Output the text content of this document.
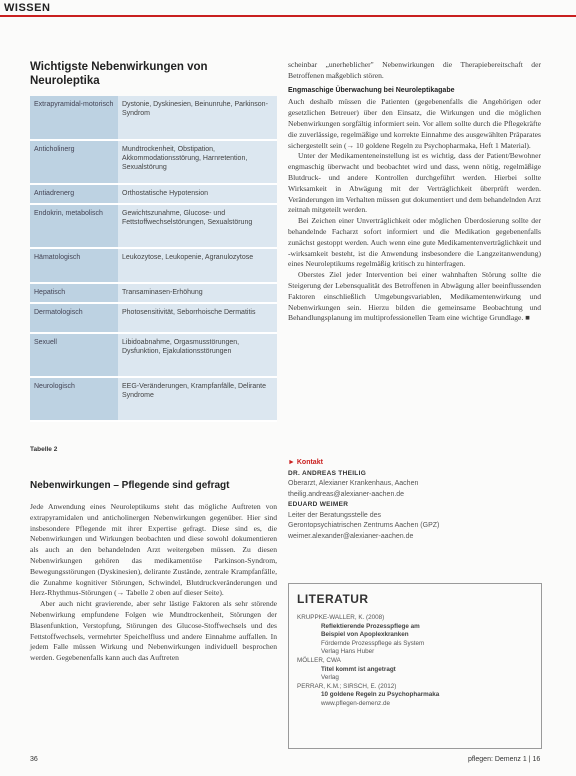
WISSEN
Wichtigste Nebenwirkungen von Neuroleptika
Extrapyramidal-motorisch	Dystonie, Dyskinesien, Beinunruhe, Parkinson-Syndrom
Anticholinerg	Mundtrockenheit, Obstipation, Akkommodationsstörung, Harnretention, Sexualstörung
Antiadrenerg	Orthostatische Hypotension
Endokrin, metabolisch	Gewichtszunahme, Glucose- und Fettstoffwechselstörungen, Sexualstörung
Hämatologisch	Leukozytose, Leukopenie, Agranulozytose
Hepatisch	Transaminasen-Erhöhung
Dermatologisch	Photosensitivität, Seborrhoische Dermatitis
Sexuell	Libidoabnahme, Orgasmusstörungen, Dysfunktion, Ejakulationsstörungen
Neurologisch	EEG-Veränderungen, Krampfanfälle, Delirante Syndrome
Tabelle 2
Nebenwirkungen – Pflegende sind gefragt

Jede Anwendung eines Neuroleptikums steht das mögliche Auftreten von extrapyramidalen und anticholinergen Nebenwirkungen gegenüber. Hier sind insbesondere Pflegende mit ihrer Expertise gefragt. Diese sind es, die Nebenwirkungen und Wirkungen beobachten und diese sowohl dokumentieren als auch an den behandelnden Arzt weitergeben müssen. Zu diesen Nebenwirkungen gehören das medikamentöse Parkinson-Syndrom, Bewegungsstörungen (Dyskinesien), delirante Zustände, zentrale Krampfanfälle, die Zunahme kognitiver Störungen, Schwindel, Blutdruckveränderungen und Herz-Rhythmus-Störungen (→ Tabelle 2 oben auf dieser Seite).

Aber auch nicht gravierende, aber sehr lästige Faktoren als sehr störende Nebenwirkung empfundene Folgen wie Mundtrockenheit, Störungen der Blasenfunktion, Verstopfung, Störungen des Glucose-Stoffwechsels und des Fettstoffwechsels, vermehrter Speichelfluss und andere Einnahme auffallen. In jedem Falle müssen Wirkung und Nebenwirkungen individuell besprochen werden. Gegebenenfalls kann auch das Auftreten

scheinbar „unerheblicher" Nebenwirkungen die Therapiebereitschaft der Betroffenen maßgeblich stören.

Engmaschige Überwachung bei Neuroleptikagabe

Auch deshalb müssen die Patienten (gegebenenfalls die Angehörigen oder gesetzlichen Betreuer) über den Einsatz, die Wirkungen und die möglichen Nebenwirkungen sorgfältig informiert sein. Vor allem sollte durch die Pflegekräfte die zuverlässige, regelmäßige und korrekte Einnahme des ausgewählten Präparates sichergestellt sein (→ 10 goldene Regeln zu Psychopharmaka, Heft 1 Material).

Unter der Medikamenteneinstellung ist es wichtig, dass der Patient/Bewohner engmaschig überwacht und beobachtet wird und dass, wenn nötig, regelmäßige Blutdruck- und andere Kontrollen durchgeführt werden. Hierbei sollte Wirksamkeit in Abwägung mit der Verträglichkeit überprüft werden. Veränderungen im Verhalten müssen gut dokumentiert und dem behandelnden Arzt zeitnah mitgeteilt werden.

Bei Zeichen einer Unverträglichkeit oder möglichen Überdosierung sollte der behandelnde Facharzt sofort informiert und die Medikation gegebenenfalls zunächst gestoppt werden. Auch wenn eine gute Medikamentenverträglichkeit und -wirksamkeit besteht, ist die Anwendung insbesondere die Langzeitanwendung) eines Neuroleptikums regelmäßig kritisch zu hinterfragen.

Oberstes Ziel jeder Intervention bei einer wahnhaften Störung sollte die Steigerung der Lebensqualität des Betroffenen in Abwägung aller beeinflussenden Faktoren einschließlich Umgebungsvariablen, Medikamentenwirkung und Nebenwirkungen sein. Hierzu bilden die gemeinsame Beobachtung und Behandlungsplanung im multiprofessionellen Team eine wichtige Grundlage. ■

► Kontakt
DR. ANDREAS THEILIG
Oberarzt, Alexianer Krankenhaus, Aachen
theilig.andreas@alexianer-aachen.de
EDUARD WEIMER
Leiter der Beratungsstelle des
Gerontopsychiatrischen Zentrums Aachen (GPZ)
weimer.alexander@alexianer-aachen.de
LITERATUR
KRUPPKE-WALLER, K. (2008)
Reflektierende Prozesspflege am
Beispiel von Apoplexkranken
Fördernde Prozesspflege als System
Verlag Hans Huber
MÖLLER, CWA
Titel kommt ist angetragt
Verlag
PERRAR, K.M.; SIRSCH, E. (2012)
10 goldene Regeln zu Psychopharmaka
www.pflegen-demenz.de
36	pflegen: Demenz 1 | 16
